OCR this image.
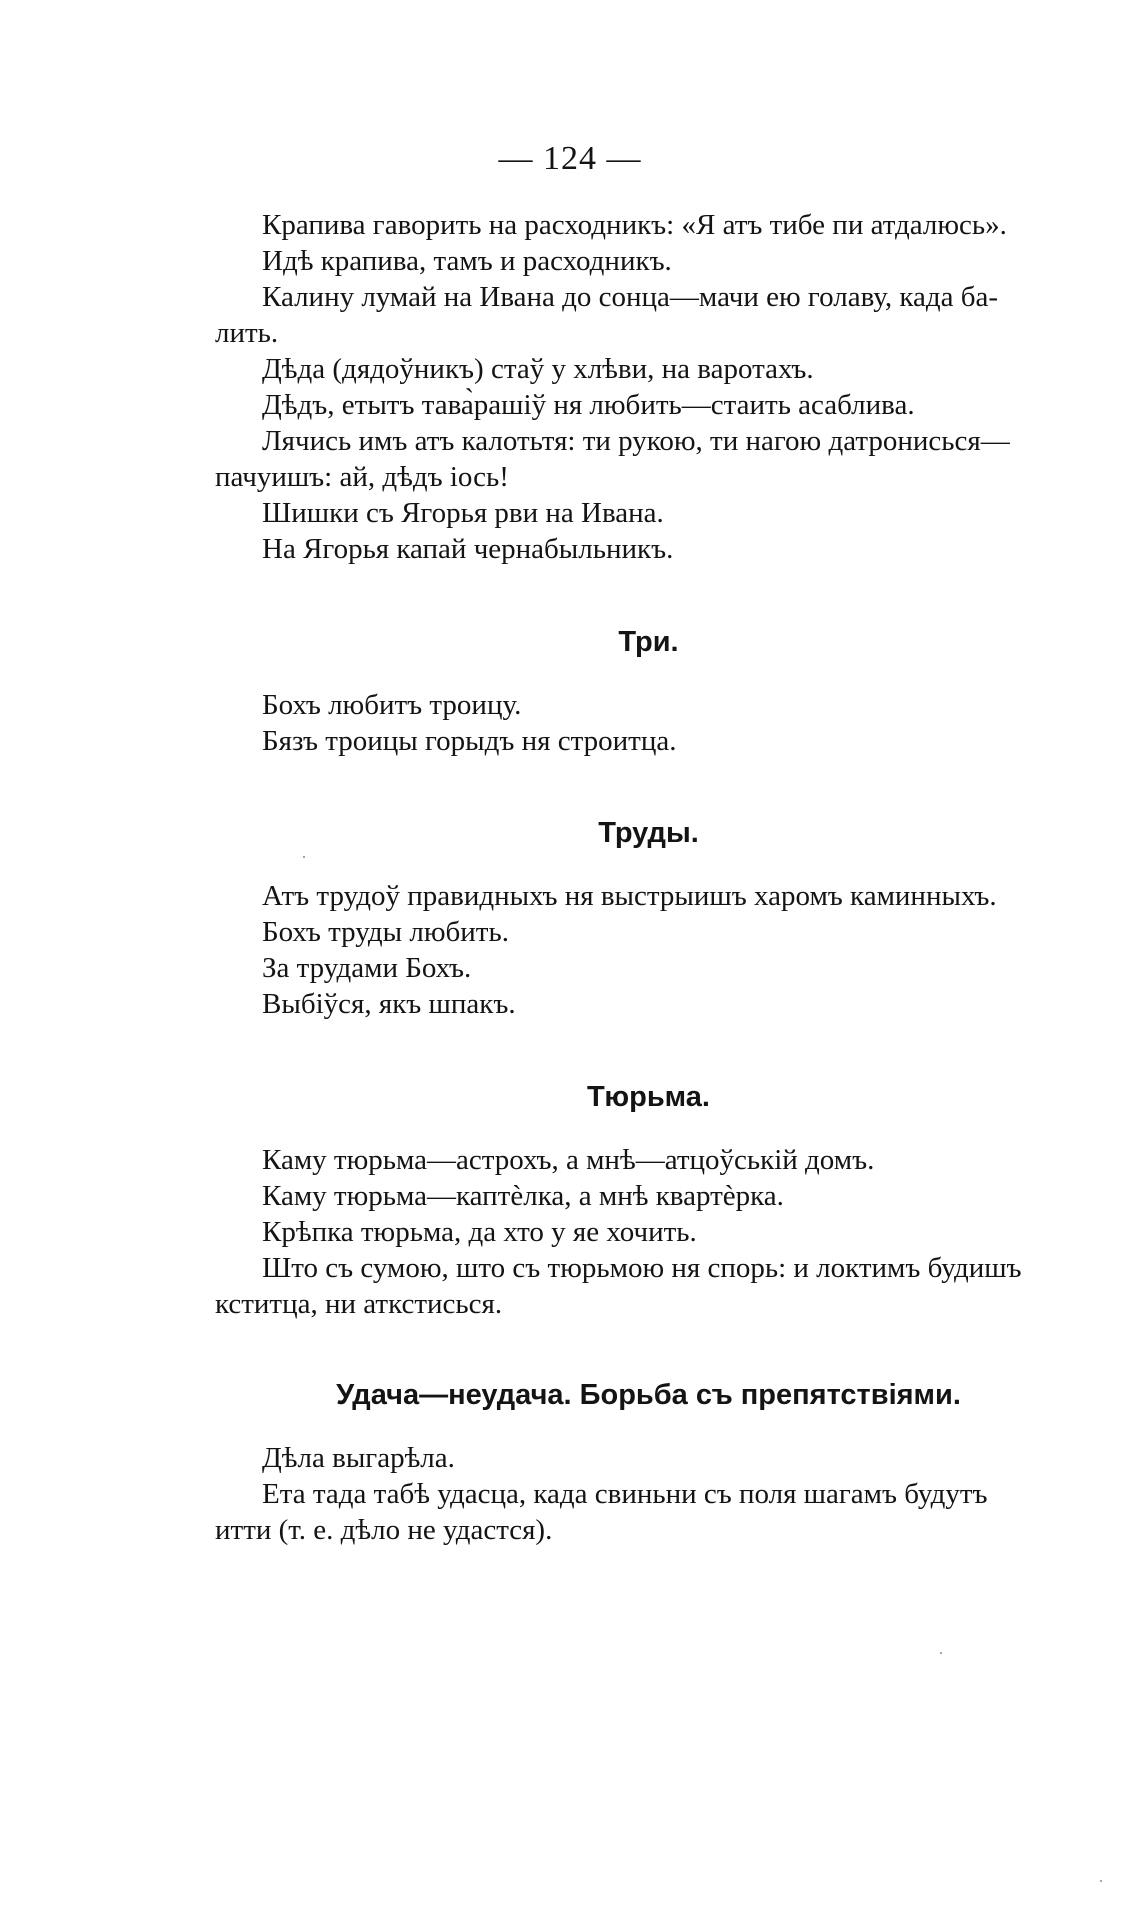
— 124 —

Крапива гаворить на расходникъ: «Я атъ тибе пи атдалюсь».

Идѣ крапива, тамъ и расходникъ.

Калину лумай на Ивана до сонца—мачи ею голаву, када ба-
лить.

Дѣда (дядоўникъ) стаў у хлѣви, на варотахъ.

Дѣдъ, етытъ тава̀рашiў ня любить—стаить асаблива.

Лячись имъ атъ калотьтя: ти рукою, ти нагою датронисься—
пачуишъ: ай, дѣдъ iось!

Шишки съ Ягорья рви на Ивана.

На Ягорья капай чернабыльникъ.

Три.

Бохъ любитъ троицу.

Бязъ троицы горыдъ ня строитца.

Труды.

Атъ трудоў правидныхъ ня выстрыишъ харомъ каминныхъ.

Бохъ труды любить.

За трудами Бохъ.

Выбiўся, якъ шпакъ.

Тюрьма.

Каму тюрьма—астрохъ, а мнѣ—атцоўськiй домъ.

Каму тюрьма—каптѐлка, а мнѣ квартѐрка.

Крѣпка тюрьма, да хто у яе хочить.

Што съ сумою, што съ тюрьмою ня спорь: и локтимъ будишъ
кститца, ни аткстисься.

Удача—неудача. Борьба съ препятствiями.

Дѣла выгарѣла.

Ета тада табѣ удасца, када свиньни съ поля шагамъ будутъ
итти (т. е. дѣло не удастся).
